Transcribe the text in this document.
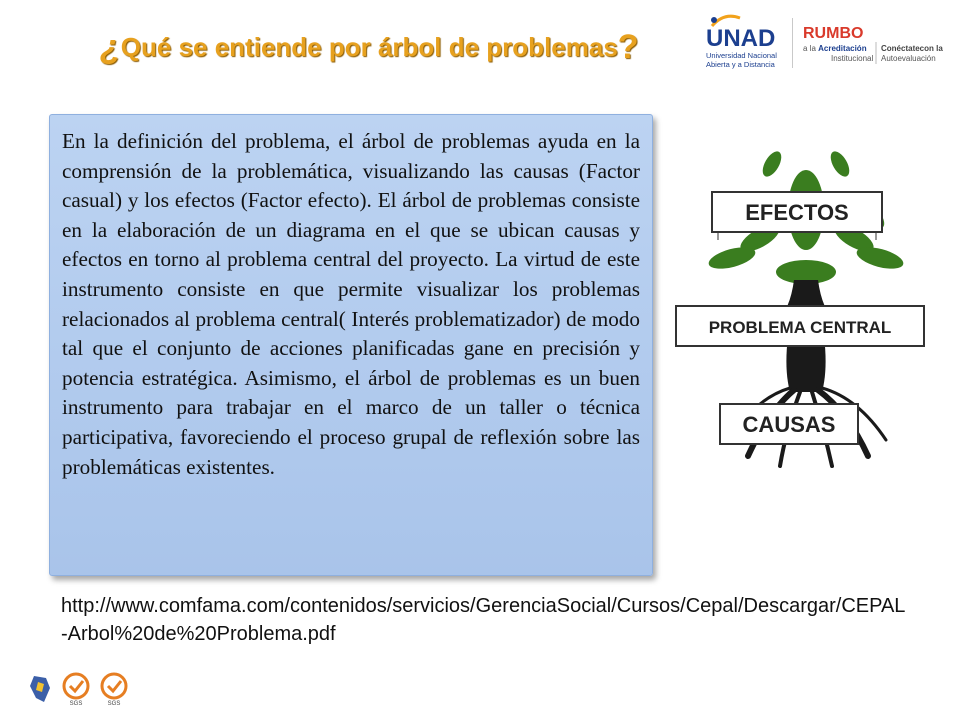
¿Qué se entiende por árbol de problemas?	UNAD
Universidad Nacional
Abierta y a Distancia
RUMBO
a la Acreditación
Institucional
Conéctatecon la
Autoevaluación
En la definición del problema, el árbol de problemas ayuda en la comprensión de la problemática, visualizando las causas (Factor casual) y los efectos (Factor efecto). El árbol de problemas consiste en la elaboración de un diagrama en el que se ubican causas y efectos en torno al problema central del proyecto. La virtud de este instrumento consiste en que permite visualizar los problemas relacionados al problema central( Interés problematizador) de modo tal que el conjunto de acciones planificadas gane en precisión y potencia estratégica. Asimismo, el árbol de problemas es un buen instrumento para trabajar en el marco de un taller o técnica participativa, favoreciendo el proceso grupal de reflexión sobre las problemáticas existentes.
EFECTOS
PROBLEMA CENTRAL
CAUSAS
http://www.comfama.com/contenidos/servicios/GerenciaSocial/Cursos/Cepal/Descargar/CEPAL-Arbol%20de%20Problema.pdf
SGS	SGS
